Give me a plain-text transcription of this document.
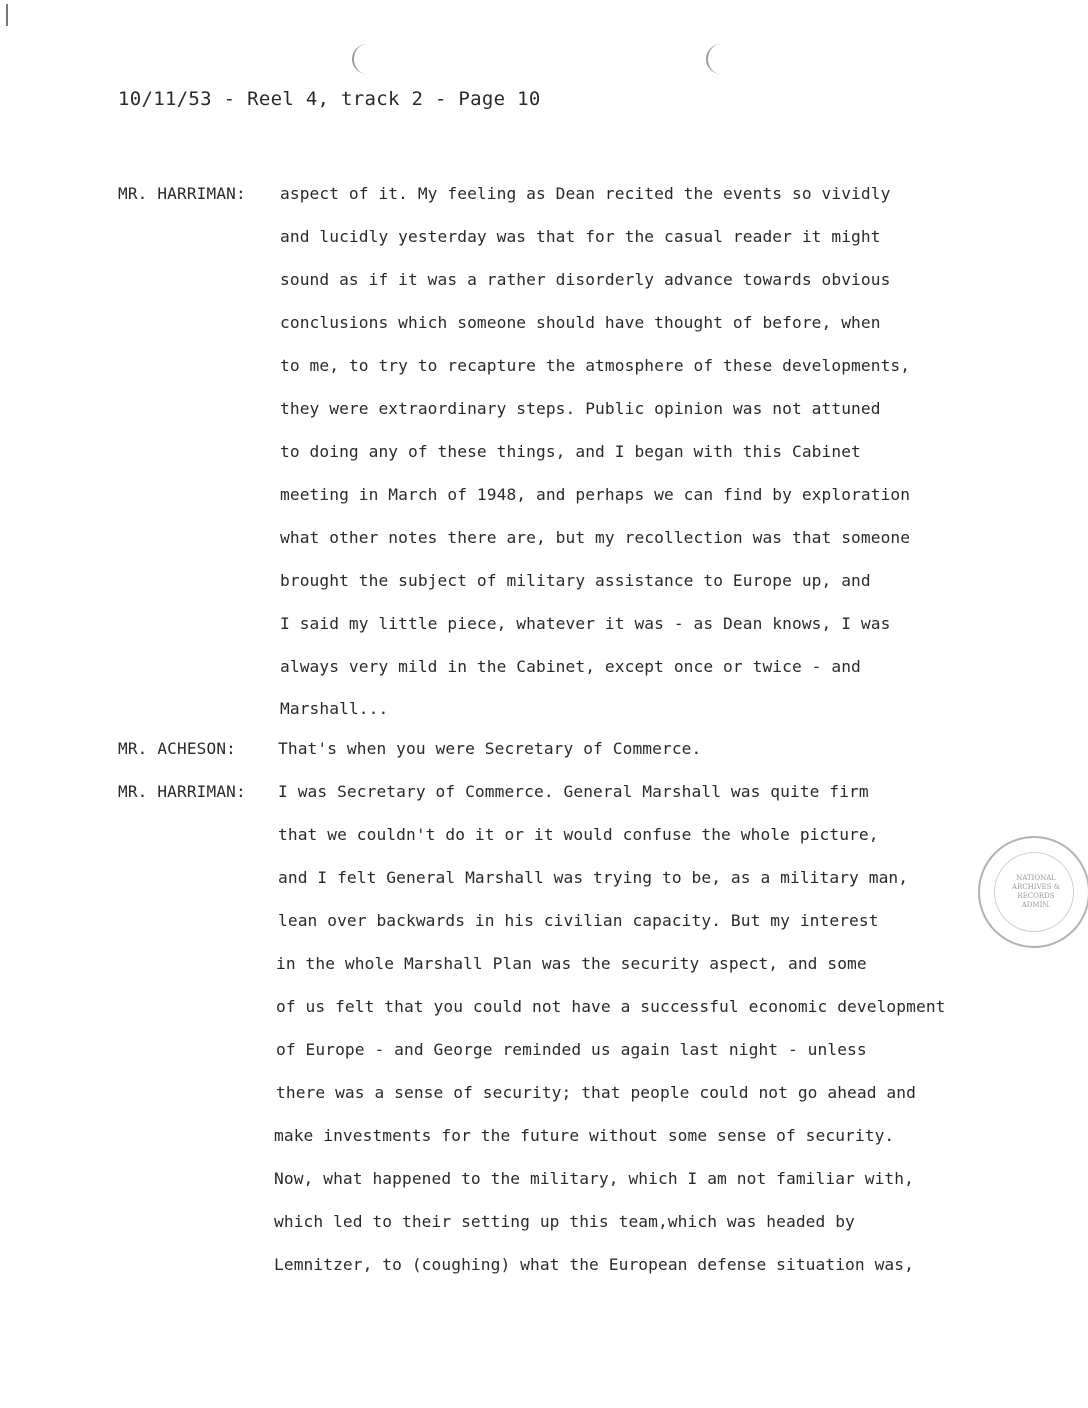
10/11/53 - Reel 4, track 2 - Page 10
MR. HARRIMAN: aspect of it. My feeling as Dean recited the events so vividly
and lucidly yesterday was that for the casual reader it might
sound as if it was a rather disorderly advance towards obvious
conclusions which someone should have thought of before, when
to me, to try to recapture the atmosphere of these developments,
they were extraordinary steps. Public opinion was not attuned
to doing any of these things, and I began with this Cabinet
meeting in March of 1948, and perhaps we can find by exploration
what other notes there are, but my recollection was that someone
brought the subject of military assistance to Europe up, and
I said my little piece, whatever it was - as Dean knows, I was
always very mild in the Cabinet, except once or twice - and
Marshall...
MR. ACHESON:	That's when you were Secretary of Commerce.
MR. HARRIMAN: I was Secretary of Commerce. General Marshall was quite firm
that we couldn't do it or it would confuse the whole picture,
and I felt General Marshall was trying to be, as a military man,
lean over backwards in his civilian capacity. But my interest
in the whole Marshall Plan was the security aspect, and some
of us felt that you could not have a successful economic development
of Europe - and George reminded us again last night - unless
there was a sense of security; that people could not go ahead and
make investments for the future without some sense of security.
Now, what happened to the military, which I am not familiar with,
which led to their setting up this team,which was headed by
Lemnitzer, to (coughing) what the European defense situation was,
NATIONAL
ARCHIVES &
RECORDS
ADMIN.
